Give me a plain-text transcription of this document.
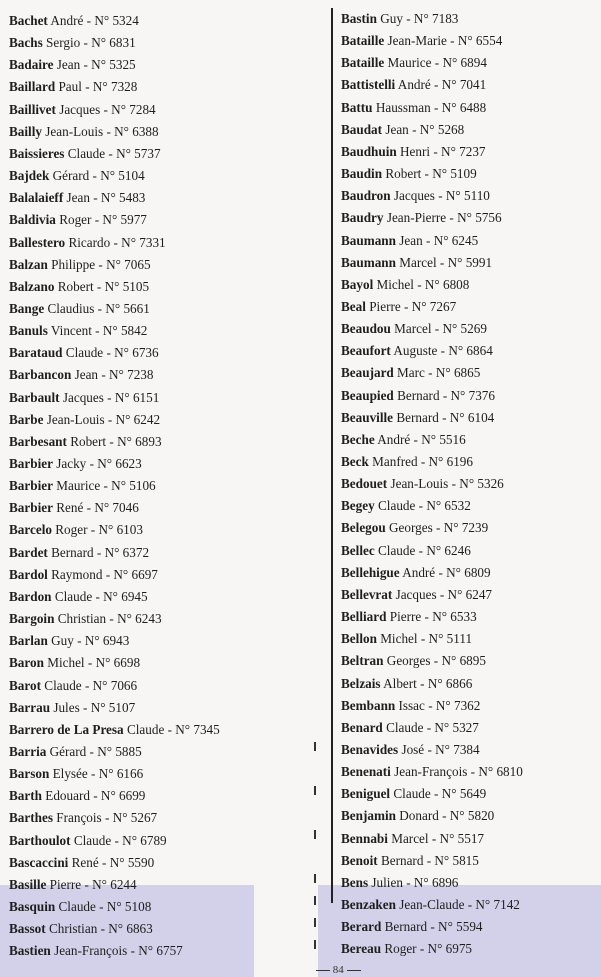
Bachet André - N° 5324
Bachs Sergio - N° 6831
Badaire Jean - N° 5325
Baillard Paul - N° 7328
Baillivet Jacques - N° 7284
Bailly Jean-Louis - N° 6388
Baissieres Claude - N° 5737
Bajdek Gérard - N° 5104
Balalaieff Jean - N° 5483
Baldivia Roger - N° 5977
Ballestero Ricardo - N° 7331
Balzan Philippe - N° 7065
Balzano Robert - N° 5105
Bange Claudius - N° 5661
Banuls Vincent - N° 5842
Barataud Claude - N° 6736
Barbancon Jean - N° 7238
Barbault Jacques - N° 6151
Barbe Jean-Louis - N° 6242
Barbesant Robert - N° 6893
Barbier Jacky - N° 6623
Barbier Maurice - N° 5106
Barbier René - N° 7046
Barcelo Roger - N° 6103
Bardet Bernard - N° 6372
Bardol Raymond - N° 6697
Bardon Claude - N° 6945
Bargoin Christian - N° 6243
Barlan Guy - N° 6943
Baron Michel - N° 6698
Barot Claude - N° 7066
Barrau Jules - N° 5107
Barrero de La Presa Claude - N° 7345
Barria Gérard - N° 5885
Barson Elysée - N° 6166
Barth Edouard - N° 6699
Barthes François - N° 5267
Barthoulot Claude - N° 6789
Bascaccini René - N° 5590
Basille Pierre - N° 6244
Basquin Claude - N° 5108
Bassot Christian - N° 6863
Bastien Jean-François - N° 6757
Bastin Guy - N° 7183
Bataille Jean-Marie - N° 6554
Bataille Maurice - N° 6894
Battistelli André - N° 7041
Battu Haussman - N° 6488
Baudat Jean - N° 5268
Baudhuin Henri - N° 7237
Baudin Robert - N° 5109
Baudron Jacques - N° 5110
Baudry Jean-Pierre - N° 5756
Baumann Jean - N° 6245
Baumann Marcel - N° 5991
Bayol Michel - N° 6808
Beal Pierre - N° 7267
Beaudou Marcel - N° 5269
Beaufort Auguste - N° 6864
Beaujard Marc - N° 6865
Beaupied Bernard - N° 7376
Beauville Bernard - N° 6104
Beche André - N° 5516
Beck Manfred - N° 6196
Bedouet Jean-Louis - N° 5326
Begey Claude - N° 6532
Belegou Georges - N° 7239
Bellec Claude - N° 6246
Bellehigue André - N° 6809
Bellevrat Jacques - N° 6247
Belliard Pierre - N° 6533
Bellon Michel - N° 5111
Beltran Georges - N° 6895
Belzais Albert - N° 6866
Bembann Issac - N° 7362
Benard Claude - N° 5327
Benavides José - N° 7384
Benenati Jean-François - N° 6810
Beniguel Claude - N° 5649
Benjamin Donard - N° 5820
Bennabi Marcel - N° 5517
Benoit Bernard - N° 5815
Bens Julien - N° 6896
Benzaken Jean-Claude - N° 7142
Berard Bernard - N° 5594
Bereau Roger - N° 6975
84
